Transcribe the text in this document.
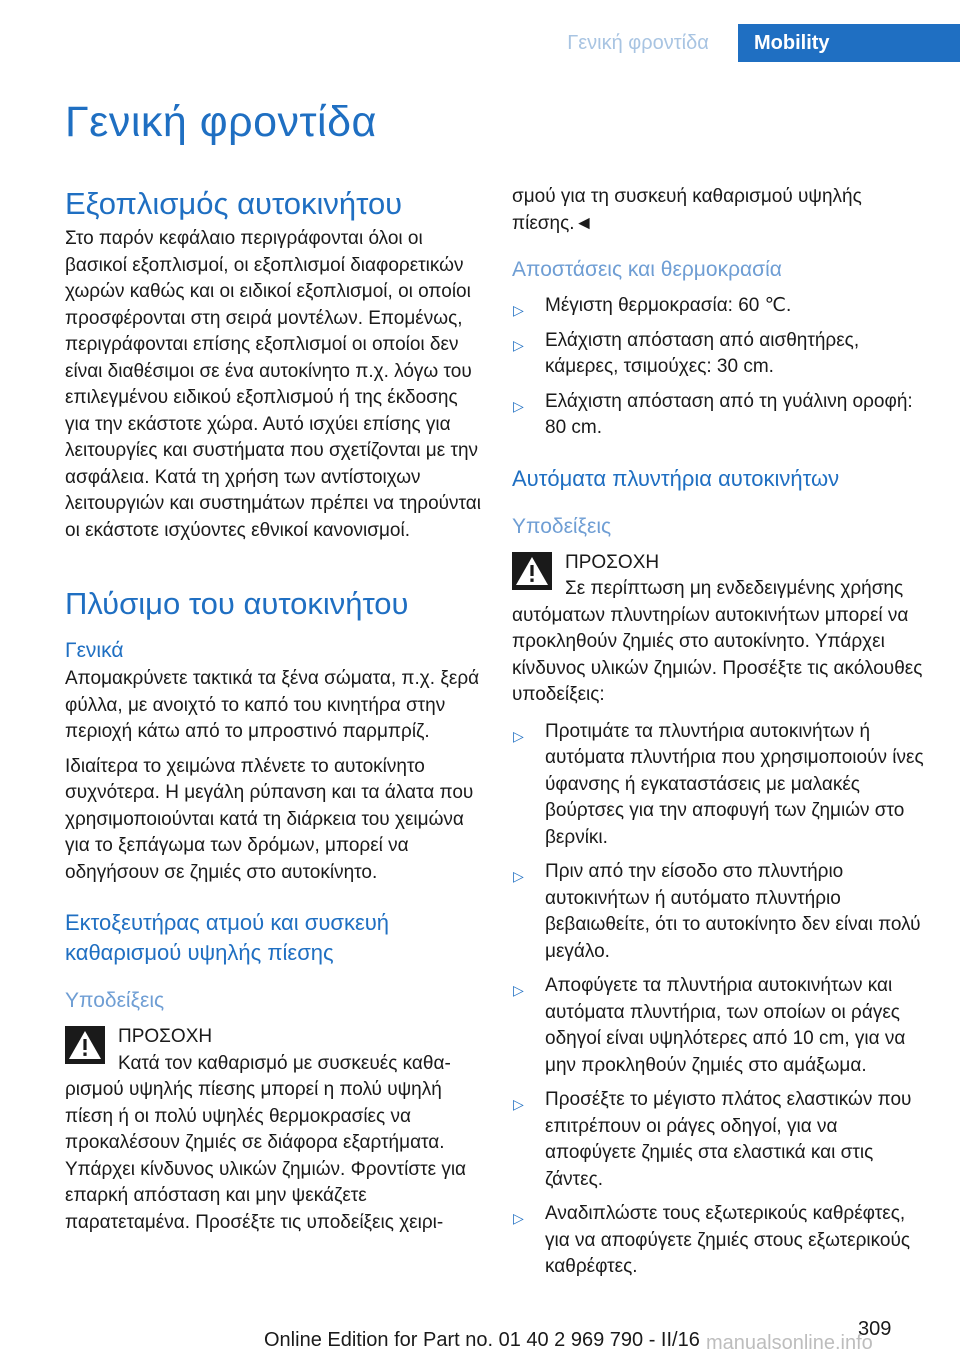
Γενική φροντίδα	Mobility
Γενική φροντίδα
Εξοπλισμός αυτοκινήτου

Στο παρόν κεφάλαιο περιγράφονται όλοι οι βασικοί εξοπλισμοί, οι εξοπλισμοί διαφορετικών χωρών καθώς και οι ειδικοί εξοπλισμοί, οι οποίοι προσφέρονται στη σειρά μοντέλων. Επομένως, περιγράφονται επίσης εξοπλισμοί οι οποίοι δεν είναι διαθέσιμοι σε ένα αυτοκίνητο π.χ. λόγω του επιλεγμένου ειδικού εξοπλισμού ή της έκδοσης για την εκάστοτε χώρα. Αυτό ισχύει επίσης για λειτουργίες και συστήματα που σχετίζονται με την ασφάλεια. Κατά τη χρήση των αντίστοιχων λειτουργιών και συστημάτων πρέπει να τηρούνται οι εκάστοτε ισχύοντες εθνικοί κανονισμοί.

Πλύσιμο του αυτοκινήτου
Γενικά

Απομακρύνετε τακτικά τα ξένα σώματα, π.χ. ξερά φύλλα, με ανοιχτό το καπό του κινητήρα στην περιοχή κάτω από το μπροστινό παρμπρίζ.

Ιδιαίτερα το χειμώνα πλένετε το αυτοκίνητο συχνότερα. Η μεγάλη ρύπανση και τα άλατα που χρησιμοποιούνται κατά τη διάρκεια του χειμώνα για το ξεπάγωμα των δρόμων, μπορεί να οδηγήσουν σε ζημιές στο αυτοκίνητο.

Εκτοξευτήρας ατμού και συσκευή καθαρισμού υψηλής πίεσης
Υποδείξεις
ΠΡΟΣΟΧΗ

Κατά τον καθαρισμό με συσκευές καθα-

ρισμού υψηλής πίεσης μπορεί η πολύ υψηλή πίεση ή οι πολύ υψηλές θερμοκρασίες να προκαλέσουν ζημιές σε διάφορα εξαρτήματα. Υπάρχει κίνδυνος υλικών ζημιών. Φροντίστε για επαρκή απόσταση και μην ψεκάζετε παρατεταμένα. Προσέξτε τις υποδείξεις χειρι-

σμού για τη συσκευή καθαρισμού υψηλής πίεσης.◄

Αποστάσεις και θερμοκρασία
▷ Μέγιστη θερμοκρασία: 60 ℃.
▷ Ελάχιστη απόσταση από αισθητήρες, κάμερες, τσιμούχες: 30 cm.
▷ Ελάχιστη απόσταση από τη γυάλινη οροφή: 80 cm.
Αυτόματα πλυντήρια αυτοκινήτων
Υποδείξεις
ΠΡΟΣΟΧΗ

Σε περίπτωση μη ενδεδειγμένης χρήσης

αυτόματων πλυντηρίων αυτοκινήτων μπορεί να προκληθούν ζημιές στο αυτοκίνητο. Υπάρχει κίνδυνος υλικών ζημιών. Προσέξτε τις ακόλουθες υποδείξεις:

▷ Προτιμάτε τα πλυντήρια αυτοκινήτων ή αυτόματα πλυντήρια που χρησιμοποιούν ίνες ύφανσης ή εγκαταστάσεις με μαλακές βούρτσες για την αποφυγή των ζημιών στο βερνίκι.
▷ Πριν από την είσοδο στο πλυντήριο αυτοκινήτων ή αυτόματο πλυντήριο βεβαιωθείτε, ότι το αυτοκίνητο δεν είναι πολύ μεγάλο.
▷ Αποφύγετε τα πλυντήρια αυτοκινήτων και αυτόματα πλυντήρια, των οποίων οι ράγες οδηγοί είναι υψηλότερες από 10 cm, για να μην προκληθούν ζημιές στο αμάξωμα.
▷ Προσέξτε το μέγιστο πλάτος ελαστικών που επιτρέπουν οι ράγες οδηγοί, για να αποφύγετε ζημιές στα ελαστικά και στις ζάντες.
▷ Αναδιπλώστε τους εξωτερικούς καθρέφτες, για να αποφύγετε ζημιές στους εξωτερικούς καθρέφτες.
309
Online Edition for Part no. 01 40 2 969 790 - II/16 manualsonline.info
